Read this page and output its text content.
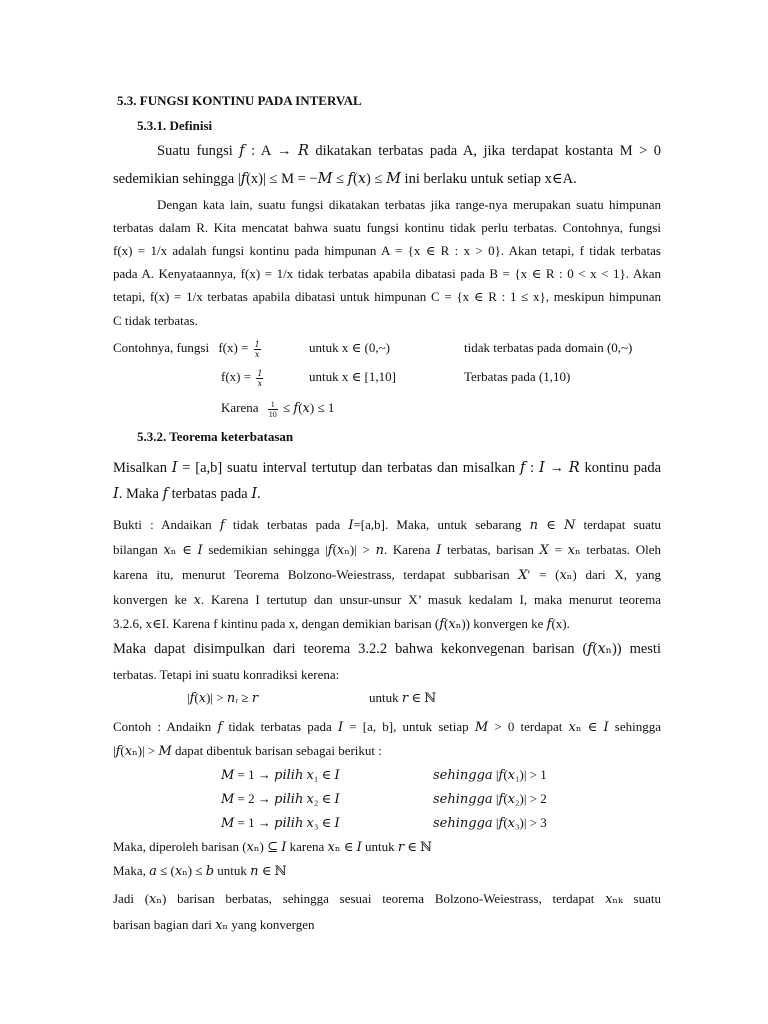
5.3. FUNGSI KONTINU PADA INTERVAL
5.3.1. Definisi
Suatu fungsi 𝑓 : A → 𝑅 dikatakan terbatas pada A, jika terdapat kostanta M > 0
sedemikian sehingga |𝑓(x)| ≤ M = −𝑀 ≤ 𝑓(𝑥) ≤ 𝑀 ini berlaku untuk setiap x∈A.
Dengan kata lain, suatu fungsi dikatakan terbatas jika range-nya merupakan suatu himpunan
terbatas dalam R. Kita mencatat bahwa suatu fungsi kontinu tidak perlu terbatas. Contohnya, fungsi
f(x) = 1/x adalah fungsi kontinu pada himpunan A = {x ∈ R : x > 0}. Akan tetapi, f tidak terbatas
pada A. Kenyataannya, f(x) = 1/x tidak terbatas apabila dibatasi pada B = {x ∈ R : 0 < x < 1}. Akan
tetapi, f(x) = 1/x terbatas apabila dibatasi untuk himpunan C = {x ∈ R : 1 ≤ x}, meskipun himpunan
C tidak terbatas.
Contohnya, fungsi $f(x) = \frac{1}{x}$	untuk x ∈ (0,~)	tidak terbatas pada domain (0,~)
$f(x) = \frac{1}{x}$	untuk x ∈ [1,10]	Terbatas pada (1,10)
Karena $\frac{1}{10}$ ≤ 𝑓(𝑥) ≤ 1
5.3.2. Teorema keterbatasan
Misalkan 𝐼 = [a,b] suatu interval tertutup dan terbatas dan misalkan 𝑓 : 𝐼 → 𝑅 kontinu pada
𝐼. Maka 𝑓 terbatas pada 𝐼.
Bukti : Andaikan 𝑓 tidak terbatas pada 𝐼=[a,b]. Maka, untuk sebarang 𝑛 ∈ 𝑁 terdapat suatu
bilangan 𝑥ₙ ∈ 𝐼 sedemikian sehingga |𝑓(𝑥ₙ)| > 𝑛. Karena 𝐼 terbatas, barisan 𝑋 = 𝑥ₙ terbatas. Oleh
karena itu, menurut Teorema Bolzono-Weiestrass, terdapat subbarisan 𝑋′ = (𝑥ₙ) dari X, yang
konvergen ke 𝑥. Karena I tertutup dan unsur-unsur X’ masuk kedalam I, maka menurut teorema
3.2.6, x∈I. Karena f kintinu pada x, dengan demikian barisan (𝑓(𝑥ₙ)) konvergen ke 𝑓(x).
Maka dapat disimpulkan dari teorema 3.2.2 bahwa kekonvegenan barisan (𝑓(𝑥ₙ)) mesti
terbatas. Tetapi ini suatu konradiksi kerena:
|𝑓(𝑥)| > 𝑛ᵣ ≥ 𝑟	untuk 𝑟 ∈ ℕ
Contoh : Andaikn 𝑓 tidak terbatas pada 𝐼 = [a, b], untuk setiap 𝑀 > 0 terdapat 𝑥ₙ ∈ 𝐼 sehingga
|𝑓(𝑥ₙ)| > 𝑀 dapat dibentuk barisan sebagai berikut :
𝑀 = 1 → 𝑝𝑖𝑙𝑖ℎ 𝑥₁ ∈ 𝐼	𝑠𝑒ℎ𝑖𝑛𝑔𝑔𝑎 |𝑓(𝑥₁)| > 1
𝑀 = 2 → 𝑝𝑖𝑙𝑖ℎ 𝑥₂ ∈ 𝐼	𝑠𝑒ℎ𝑖𝑛𝑔𝑔𝑎 |𝑓(𝑥₂)| > 2
𝑀 = 1 → 𝑝𝑖𝑙𝑖ℎ 𝑥₃ ∈ 𝐼	𝑠𝑒ℎ𝑖𝑛𝑔𝑔𝑎 |𝑓(𝑥₃)| > 3
Maka, diperoleh barisan (𝑥ₙ) ⊆ 𝐼 karena 𝑥ₙ ∈ 𝐼 untuk 𝑟 ∈ ℕ
Maka, 𝑎 ≤ (𝑥ₙ) ≤ 𝑏 untuk 𝑛 ∈ ℕ
Jadi (𝑥ₙ) barisan berbatas, sehingga sesuai teorema Bolzono-Weiestrass, terdapat 𝑥ₙₖ suatu
barisan bagian dari 𝑥ₙ yang konvergen
